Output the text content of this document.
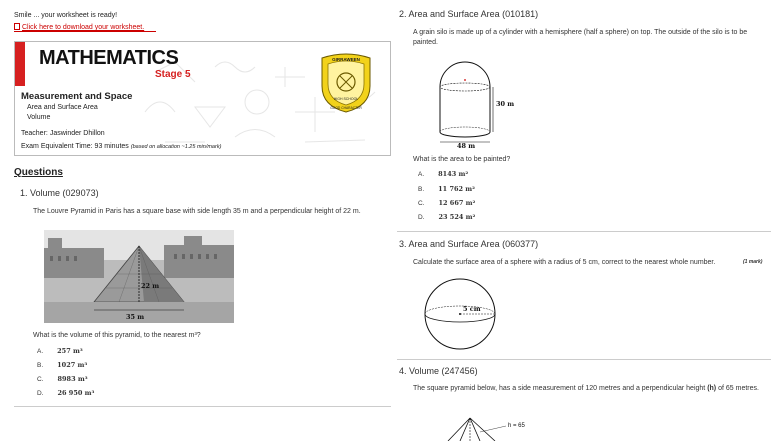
Smile ... your worksheet is ready!
Click here to download your worksheet.
MATHEMATICS
Stage 5
Measurement and Space
Area and Surface Area
Volume
Teacher: Jaswinder Dhillon
Exam Equivalent Time: 93 minutes (based on allocation ~1.25 min/mark)
GIRRAWEEN
HIGH SCHOOL
GOOD CHARACTER
Questions
1. Volume (029073)
The Louvre Pyramid in Paris has a square base with side length 35 m and a perpendicular height of 22 m.
22 m
35 m
What is the volume of this pyramid, to the nearest m³?
A. 257 m³
B. 1027 m³
C. 8983 m³
D. 26 950 m³
2. Area and Surface Area (010181)
A grain silo is made up of a cylinder with a hemisphere (half a sphere) on top. The outside of the silo is to be painted.
30 m
48 m
What is the area to be painted?
A. 8143 m²
B. 11 762 m²
C. 12 667 m²
D. 23 524 m²
3. Area and Surface Area (060377)
Calculate the surface area of a sphere with a radius of 5 cm, correct to the nearest whole number.	(1 mark)
5 cm
4. Volume (247456)
The square pyramid below, has a side measurement of 120 metres and a perpendicular height (h) of 65 metres.
h = 65
